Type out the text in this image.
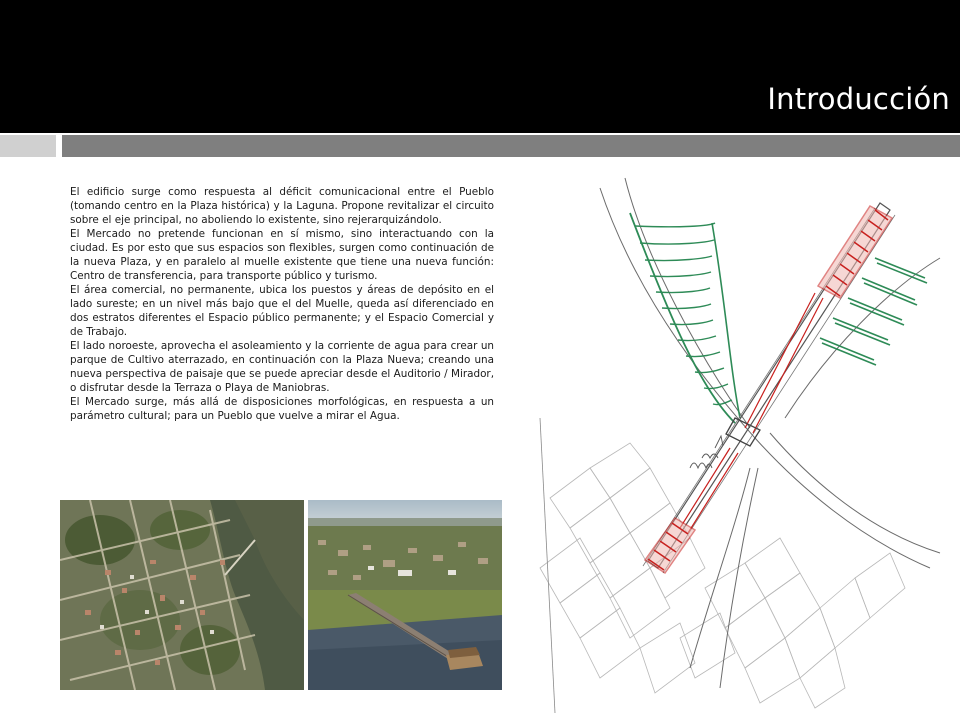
Introducción

El edificio surge como respuesta al déficit comunicacional entre el Pueblo (tomando centro en la Plaza histórica) y la Laguna. Propone revitalizar el circuito sobre el eje principal, no aboliendo lo existente, sino rejerarquizándolo.

El Mercado no pretende funcionan en sí mismo, sino interactuando con la ciudad. Es por esto que sus espacios son flexibles, surgen como continuación de la nueva Plaza, y en paralelo al muelle existente que tiene una nueva función: Centro de transferencia, para transporte público y turismo.

El área comercial, no permanente, ubica los puestos y áreas de depósito en el lado sureste; en un nivel más bajo que el del Muelle, queda así diferenciado en dos estratos diferentes el Espacio público permanente; y el Espacio Comercial y de Trabajo.

El lado noroeste, aprovecha el asoleamiento y la corriente de agua para crear un parque de Cultivo aterrazado, en continuación con la Plaza Nueva; creando una nueva perspectiva de paisaje que se puede apreciar desde el Auditorio / Mirador, o disfrutar desde la Terraza o Playa de Maniobras.

El Mercado surge, más allá de disposiciones morfológicas, en respuesta a un parámetro cultural; para un Pueblo que vuelve a mirar el Agua.
